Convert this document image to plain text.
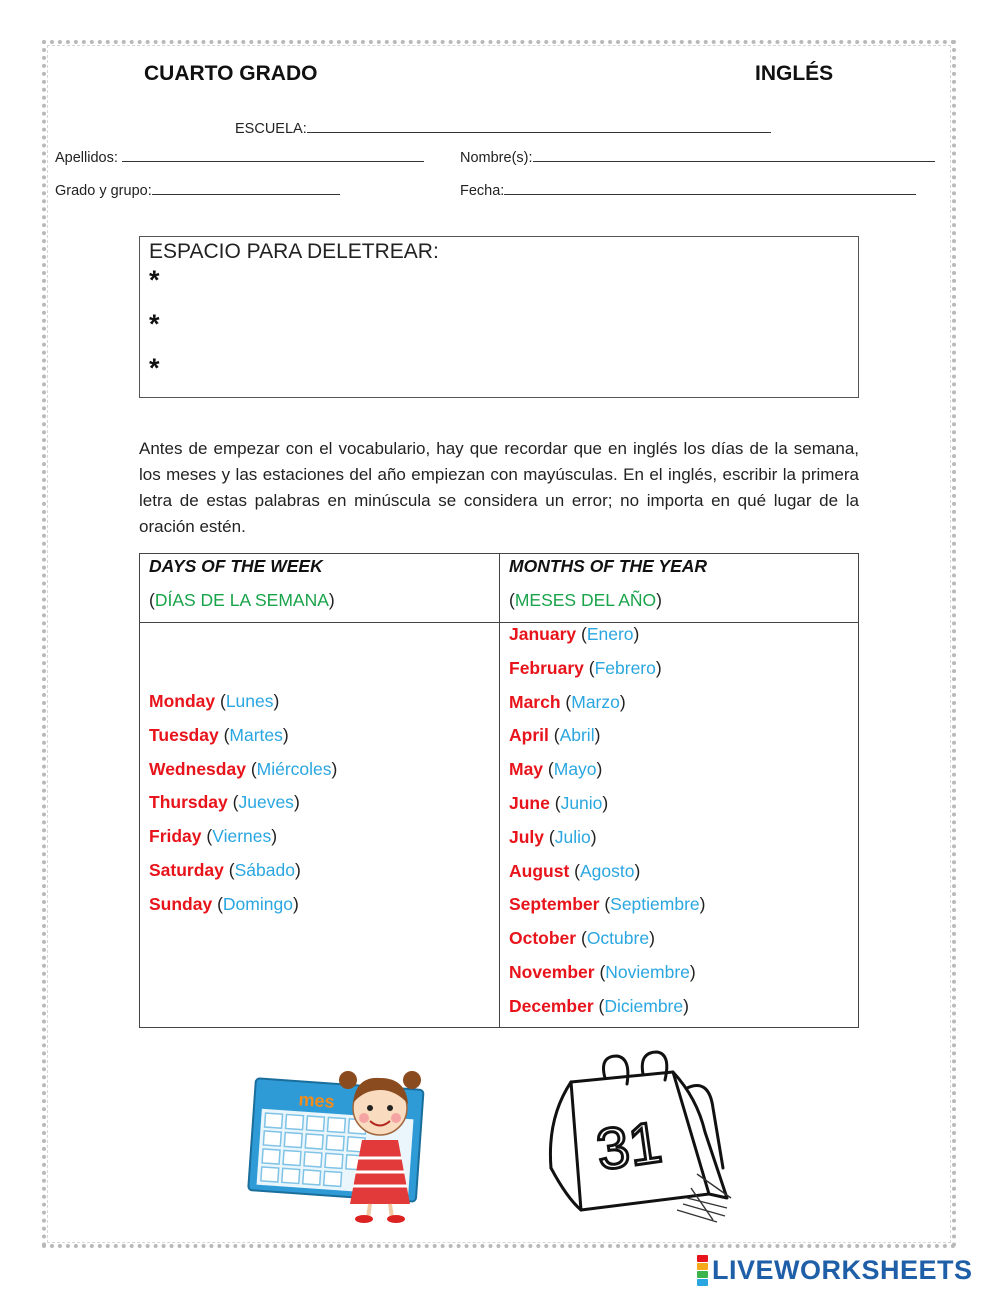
CUARTO GRADO	INGLÉS
ESCUELA:
Apellidos:	Nombre(s):
Grado y grupo:	Fecha:
ESPACIO PARA DELETREAR:
*
*
*
Antes de empezar con el vocabulario, hay que recordar que en inglés los días de la semana, los meses y las estaciones del año empiezan con mayúsculas. En el inglés, escribir la primera letra de estas palabras en minúscula se considera un error; no importa en qué lugar de la oración estén.
DAYS OF THE WEEK
(DÍAS DE LA SEMANA)
MONTHS OF THE YEAR
(MESES DEL AÑO)
Monday (Lunes)
Tuesday (Martes)
Wednesday (Miércoles)
Thursday (Jueves)
Friday (Viernes)
Saturday (Sábado)
Sunday (Domingo)
January (Enero)
February (Febrero)
March (Marzo)
April (Abril)
May (Mayo)
June (Junio)
July (Julio)
August (Agosto)
September (Septiembre)
October (Octubre)
November (Noviembre)
December (Diciembre)
mes
31
LIVEWORKSHEETS
